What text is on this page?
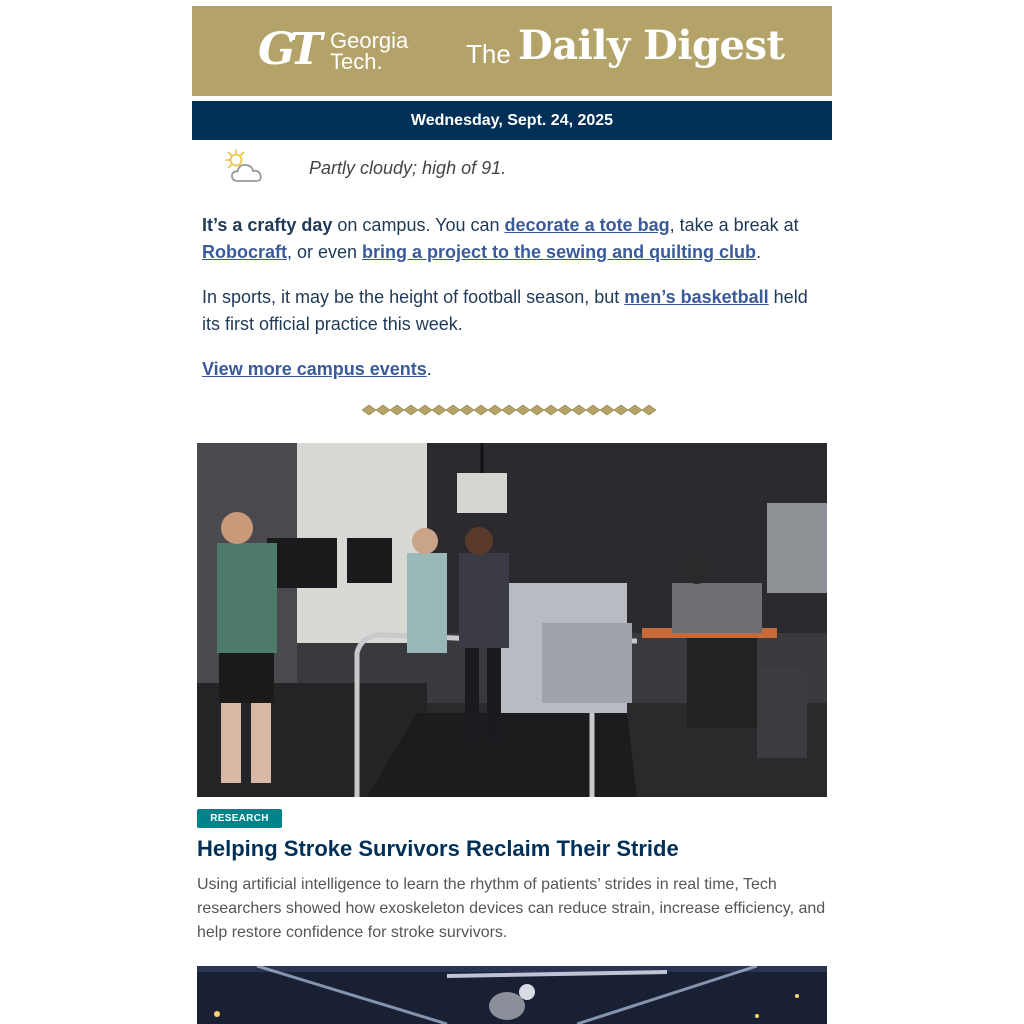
GT Georgia
Tech.	The Daily Digest
Wednesday, Sept. 24, 2025
Partly cloudy; high of 91.

It’s a crafty day on campus. You can decorate a tote bag, take a break at Robocraft, or even bring a project to the sewing and quilting club.

In sports, it may be the height of football season, but men’s basketball held its first official practice this week.

View more campus events.

RESEARCH
Helping Stroke Survivors Reclaim Their Stride
Using artificial intelligence to learn the rhythm of patients’ strides in real time, Tech researchers showed how exoskeleton devices can reduce strain, increase efficiency, and help restore confidence for stroke survivors.
